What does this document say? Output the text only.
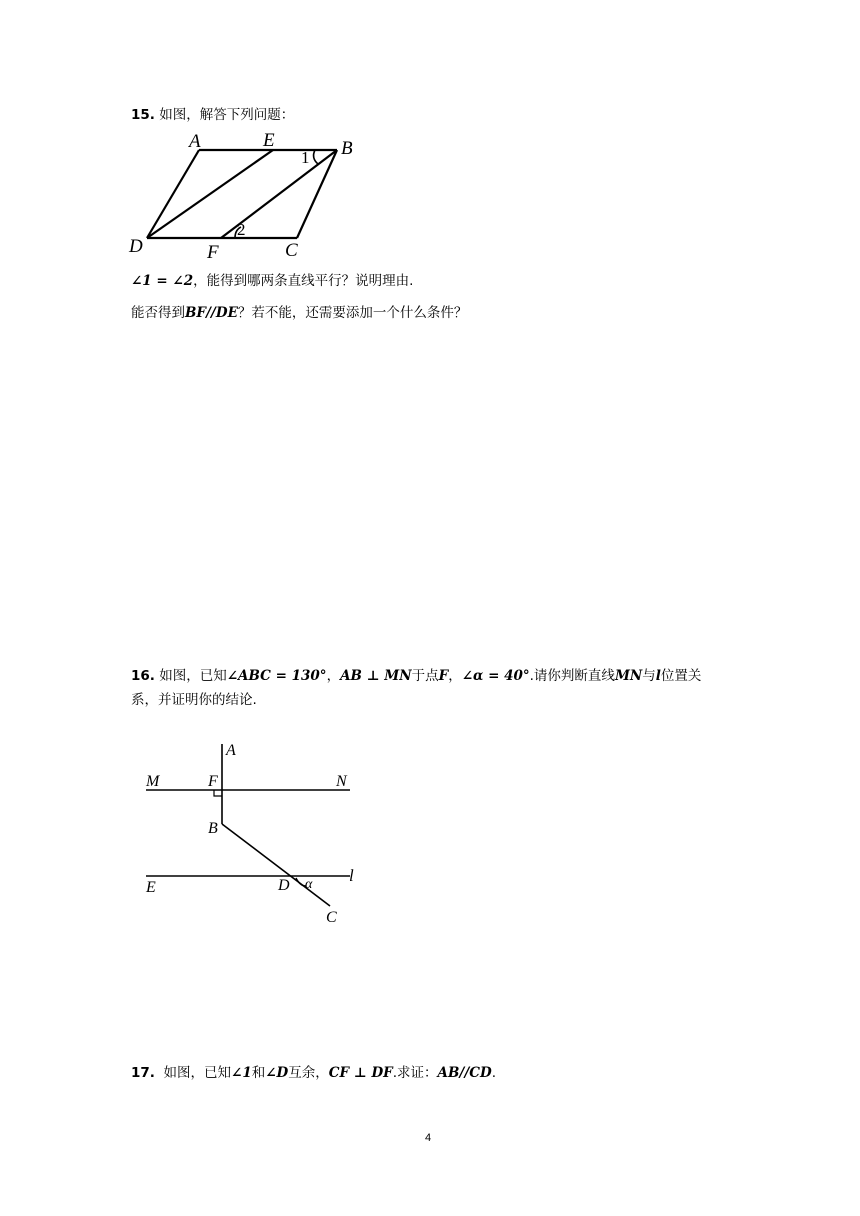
15. 如图，解答下列问题：
A	E	B
1
D	F
2
C
∠1 = ∠2，能得到哪两条直线平行？说明理由.
能否得到BF//DE？若不能，还需要添加一个什么条件？
16. 如图，已知∠ABC = 130°，AB ⊥ MN于点F，∠α = 40°.请你判断直线MN与l位置关
系，并证明你的结论.
A
M	F	N
B
E	D α l
C
17. 如图，已知∠1和∠D互余，CF ⊥ DF.求证：AB//CD.
4
